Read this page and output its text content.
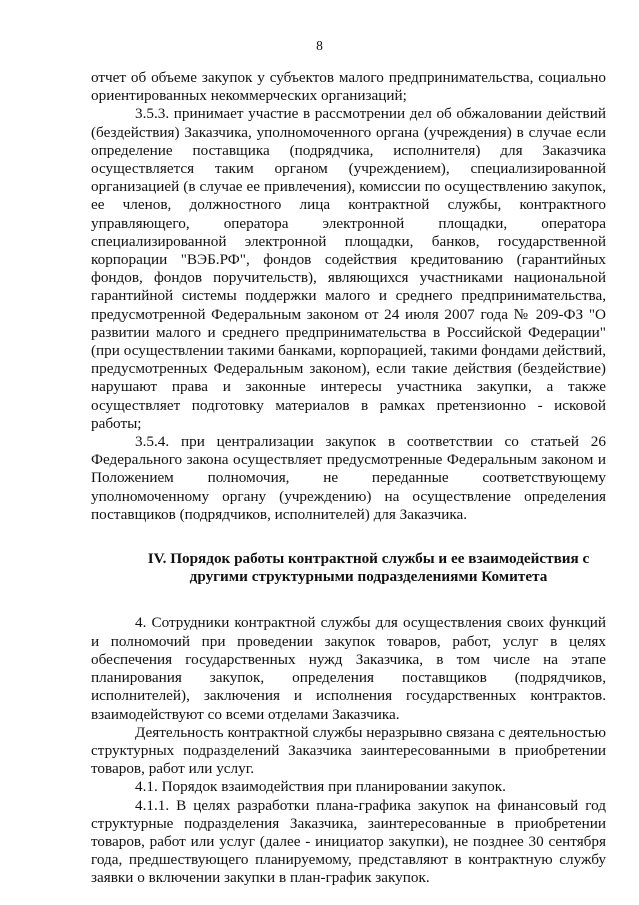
8

отчет об объеме закупок у субъектов малого предпринимательства, социально ориентированных некоммерческих организаций;

3.5.3. принимает участие в рассмотрении дел об обжаловании действий (бездействия) Заказчика, уполномоченного органа (учреждения) в случае если определение поставщика (подрядчика, исполнителя) для Заказчика осуществляется таким органом (учреждением), специализированной организацией (в случае ее привлечения), комиссии по осуществлению закупок, ее членов, должностного лица контрактной службы, контрактного управляющего, оператора электронной площадки, оператора специализированной электронной площадки, банков, государственной корпорации "ВЭБ.РФ", фондов содействия кредитованию (гарантийных фондов, фондов поручительств), являющихся участниками национальной гарантийной системы поддержки малого и среднего предпринимательства, предусмотренной Федеральным законом от 24 июля 2007 года № 209-ФЗ "О развитии малого и среднего предпринимательства в Российской Федерации" (при осуществлении такими банками, корпорацией, такими фондами действий, предусмотренных Федеральным законом), если такие действия (бездействие) нарушают права и законные интересы участника закупки, а также осуществляет подготовку материалов в рамках претензионно - исковой работы;

3.5.4. при централизации закупок в соответствии со статьей 26 Федерального закона осуществляет предусмотренные Федеральным законом и Положением полномочия, не переданные соответствующему уполномоченному органу (учреждению) на осуществление определения поставщиков (подрядчиков, исполнителей) для Заказчика.

IV. Порядок работы контрактной службы и ее взаимодействия с
другими структурными подразделениями Комитета

4. Сотрудники контрактной службы для осуществления своих функций и полномочий при проведении закупок товаров, работ, услуг в целях обеспечения государственных нужд Заказчика, в том числе на этапе планирования закупок, определения поставщиков (подрядчиков, исполнителей), заключения и исполнения государственных контрактов. взаимодействуют со всеми отделами Заказчика.

Деятельность контрактной службы неразрывно связана с деятельностью структурных подразделений Заказчика заинтересованными в приобретении товаров, работ или услуг.

4.1. Порядок взаимодействия при планировании закупок.

4.1.1. В целях разработки плана-графика закупок на финансовый год структурные подразделения Заказчика, заинтересованные в приобретении товаров, работ или услуг (далее - инициатор закупки), не позднее 30 сентября года, предшествующего планируемому, представляют в контрактную службу заявки о включении закупки в план-график закупок.
